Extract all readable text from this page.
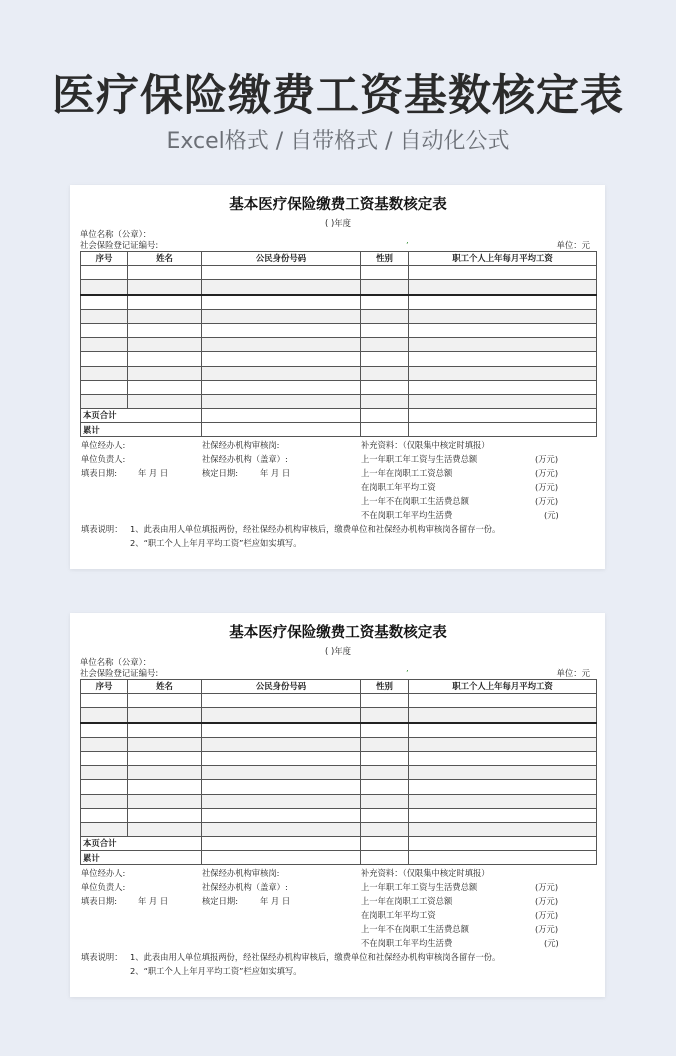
医疗保险缴费工资基数核定表
Excel格式 / 自带格式 / 自动化公式
基本医疗保险缴费工资基数核定表
( )年度
单位名称（公章）：
社会保险登记证编号:	’	单位：元
序号	姓名	公民身份号码	性别	职工个人上年每月平均工资

本页合计				
累计				
单位经办人:
单位负责人:
填表日期:	年 月 日
社保经办机构审核岗:
社保经办机构（盖章）:
核定日期:	年 月 日
补充资料：（仅限集中核定时填报）
上一年职工年工资与生活费总额	(万元)
上一年在岗职工工资总额	(万元)
在岗职工年平均工资	(万元)
上一年不在岗职工生活费总额	(万元)
不在岗职工年平均生活费	(元)
填表说明： 1、此表由用人单位填报两份，经社保经办机构审核后，缴费单位和社保经办机构审核岗各留存一份。
2、“职工个人上年月平均工资”栏应如实填写。
基本医疗保险缴费工资基数核定表
( )年度
单位名称（公章）：
社会保险登记证编号:	’	单位：元
序号	姓名	公民身份号码	性别	职工个人上年每月平均工资

本页合计				
累计				
单位经办人:
单位负责人:
填表日期:	年 月 日
社保经办机构审核岗:
社保经办机构（盖章）:
核定日期:	年 月 日
补充资料：（仅限集中核定时填报）
上一年职工年工资与生活费总额	(万元)
上一年在岗职工工资总额	(万元)
在岗职工年平均工资	(万元)
上一年不在岗职工生活费总额	(万元)
不在岗职工年平均生活费	(元)
填表说明： 1、此表由用人单位填报两份，经社保经办机构审核后，缴费单位和社保经办机构审核岗各留存一份。
2、“职工个人上年月平均工资”栏应如实填写。
